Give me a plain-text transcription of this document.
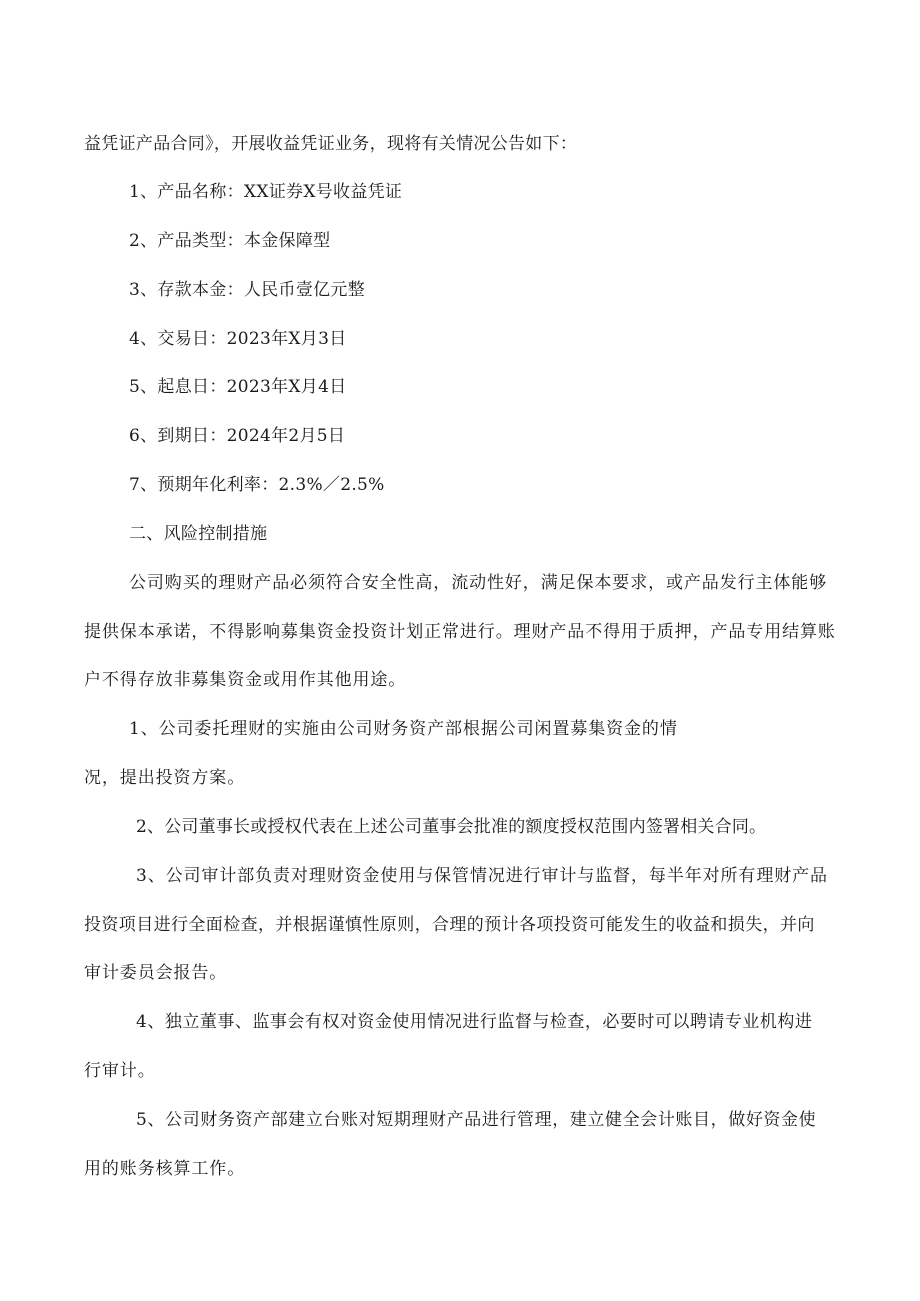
益凭证产品合同》，开展收益凭证业务，现将有关情况公告如下：
1、产品名称：XX证券X号收益凭证
2、产品类型：本金保障型
3、存款本金：人民币壹亿元整
4、交易日：2023年X月3日
5、起息日：2023年X月4日
6、到期日：2024年2月5日
7、预期年化利率：2.3%／2.5%
二、风险控制措施
公司购买的理财产品必须符合安全性高，流动性好，满足保本要求，或产品发行主体能够
提供保本承诺，不得影响募集资金投资计划正常进行。理财产品不得用于质押，产品专用结算账
户不得存放非募集资金或用作其他用途。
1、公司委托理财的实施由公司财务资产部根据公司闲置募集资金的情
况，提出投资方案。
2、公司董事长或授权代表在上述公司董事会批准的额度授权范围内签署相关合同。
3、公司审计部负责对理财资金使用与保管情况进行审计与监督，每半年对所有理财产品
投资项目进行全面检查，并根据谨慎性原则，合理的预计各项投资可能发生的收益和损失，并向
审计委员会报告。
4、独立董事、监事会有权对资金使用情况进行监督与检查，必要时可以聘请专业机构进
行审计。
5、公司财务资产部建立台账对短期理财产品进行管理，建立健全会计账目，做好资金使
用的账务核算工作。
